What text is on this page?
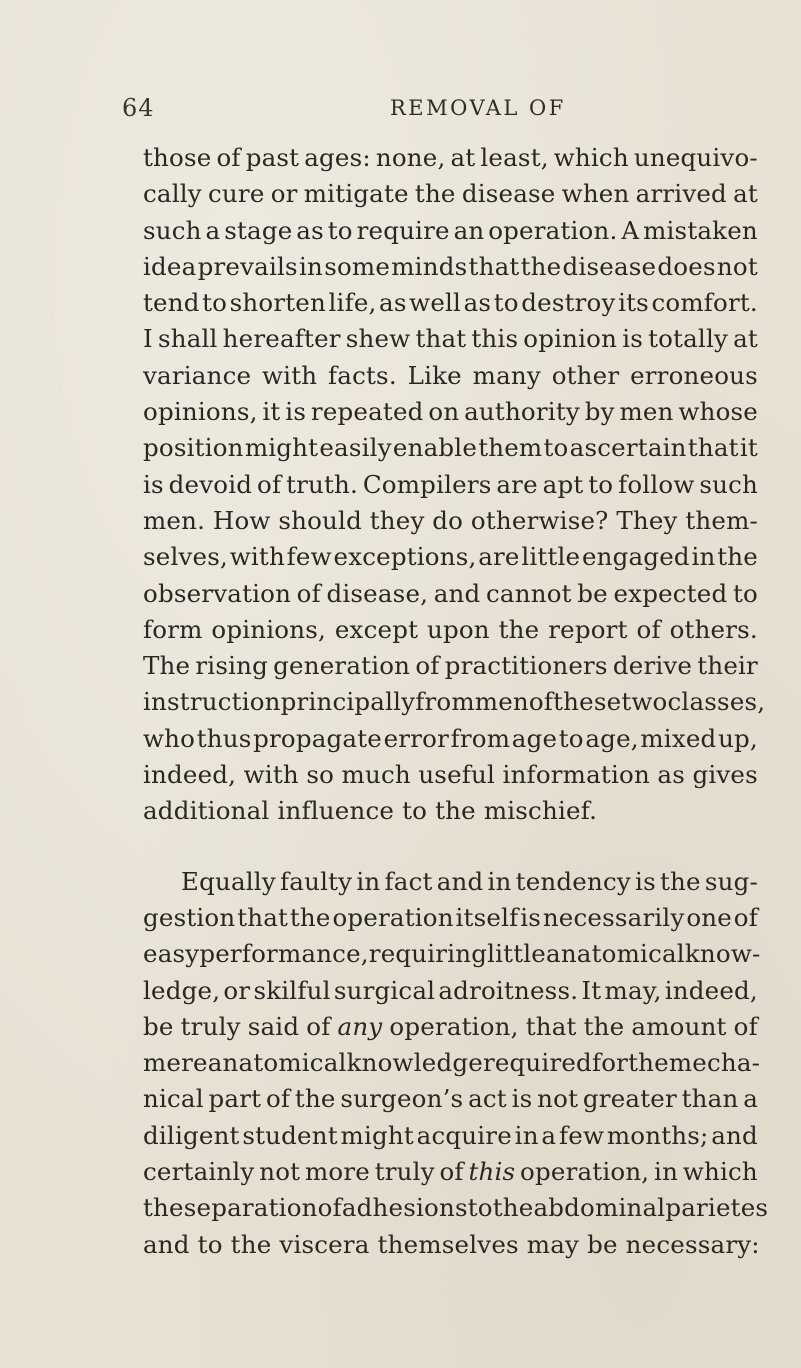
64	REMOVAL OF
those of past ages: none, at least, which unequivo-
cally cure or mitigate the disease when arrived at
such a stage as to require an operation. A mistaken
idea prevails in some minds that the disease does not
tend to shorten life, as well as to destroy its comfort.
I shall hereafter shew that this opinion is totally at
variance with facts. Like many other erroneous
opinions, it is repeated on authority by men whose
position might easily enable them to ascertain that it
is devoid of truth. Compilers are apt to follow such
men. How should they do otherwise? They them-
selves, with few exceptions, are little engaged in the
observation of disease, and cannot be expected to
form opinions, except upon the report of others.
The rising generation of practitioners derive their
instruction principally from men of these two classes,
who thus propagate error from age to age, mixed up,
indeed, with so much useful information as gives
additional influence to the mischief.
Equally faulty in fact and in tendency is the sug-
gestion that the operation itself is necessarily one of
easy performance, requiring little anatomical know-
ledge, or skilful surgical adroitness. It may, indeed,
be truly said of any operation, that the amount of
mere anatomical knowledge required for the mecha-
nical part of the surgeon’s act is not greater than a
diligent student might acquire in a few months; and
certainly not more truly of this operation, in which
the separation of adhesions to the abdominal parietes
and to the viscera themselves may be necessary:
